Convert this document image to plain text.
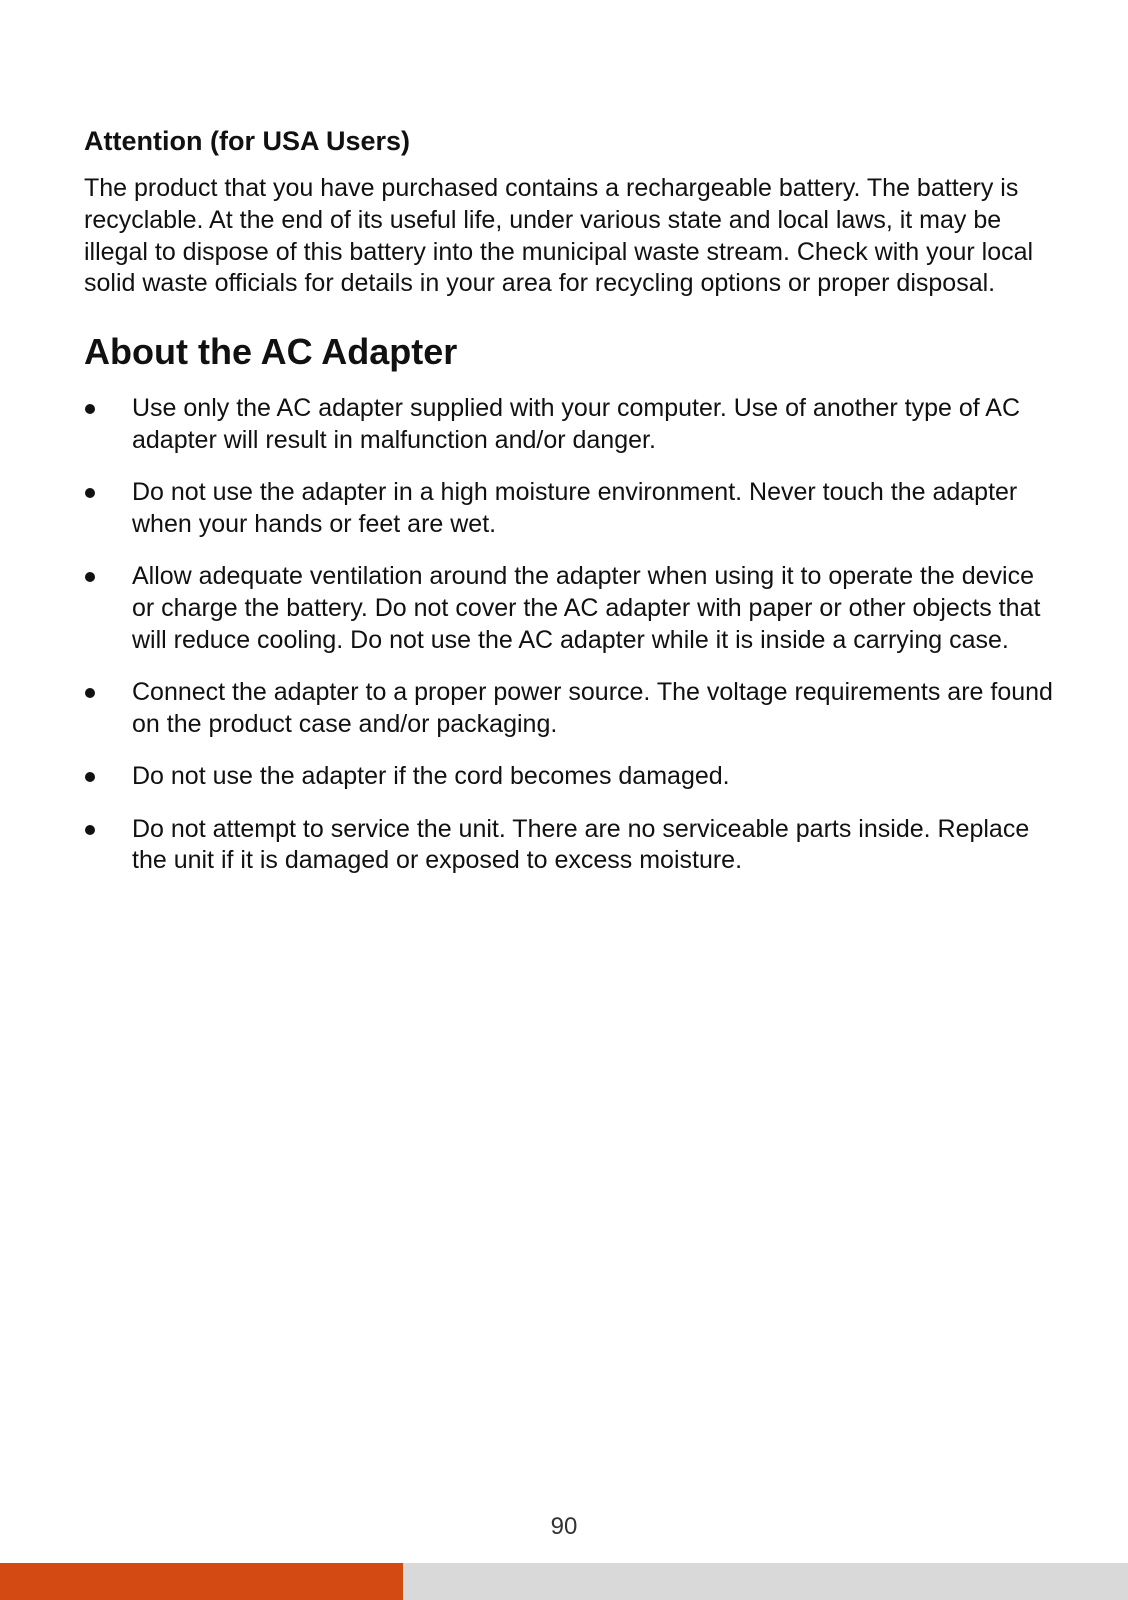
Attention (for USA Users)

The product that you have purchased contains a rechargeable battery. The battery is recyclable. At the end of its useful life, under various state and local laws, it may be illegal to dispose of this battery into the municipal waste stream. Check with your local solid waste officials for details in your area for recycling options or proper disposal.

About the AC Adapter
Use only the AC adapter supplied with your computer. Use of another type of AC adapter will result in malfunction and/or danger.
Do not use the adapter in a high moisture environment. Never touch the adapter when your hands or feet are wet.
Allow adequate ventilation around the adapter when using it to operate the device or charge the battery. Do not cover the AC adapter with paper or other objects that will reduce cooling. Do not use the AC adapter while it is inside a carrying case.
Connect the adapter to a proper power source. The voltage requirements are found on the product case and/or packaging.
Do not use the adapter if the cord becomes damaged.
Do not attempt to service the unit. There are no serviceable parts inside. Replace the unit if it is damaged or exposed to excess moisture.
90
